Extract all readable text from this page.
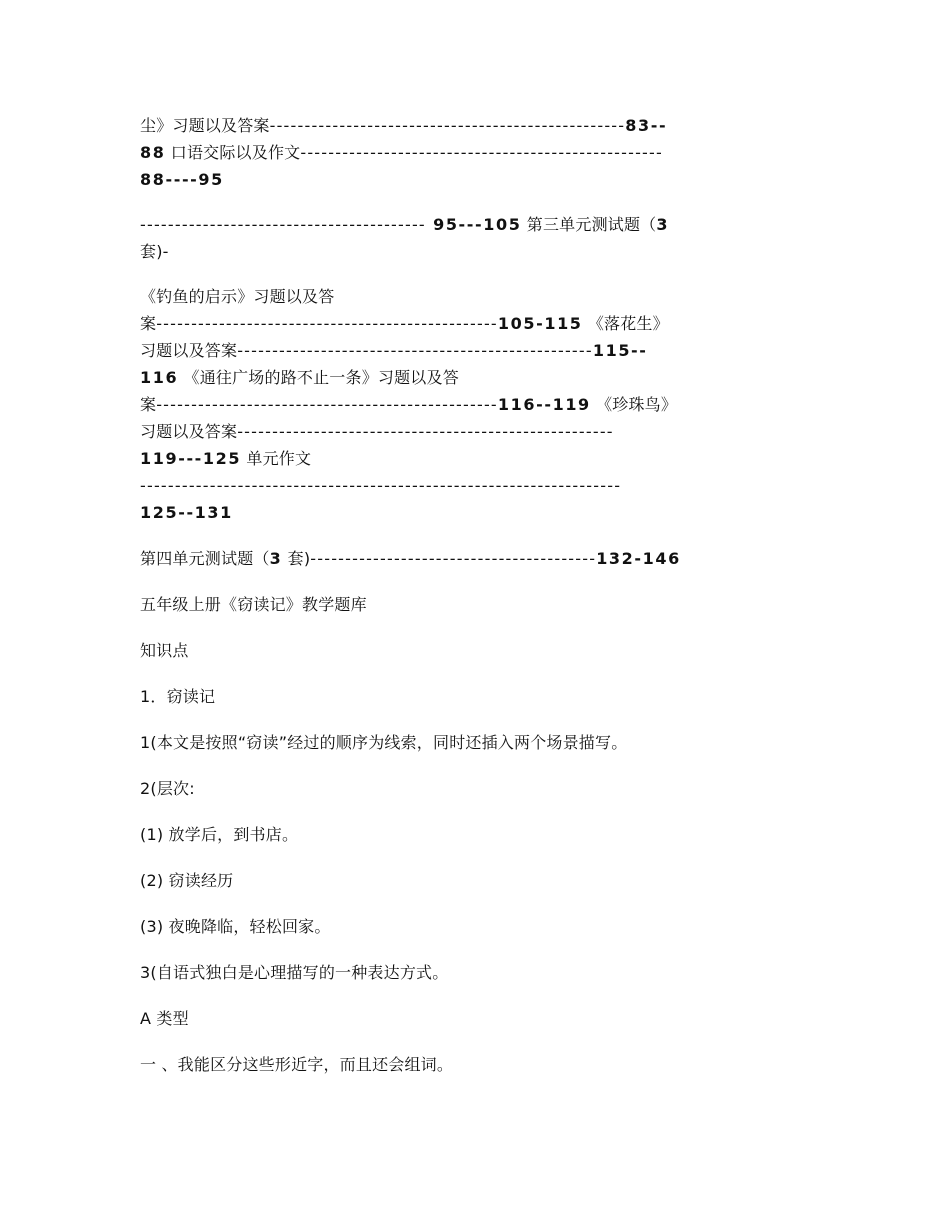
尘》习题以及答案---------------------------------------------------83--
88 口语交际以及作文----------------------------------------------------
88----95
----------------------------------------- 95---105 第三单元测试题（3
套)-
《钓鱼的启示》习题以及答
案-------------------------------------------------105-115 《落花生》
习题以及答案---------------------------------------------------115--
116 《通往广场的路不止一条》习题以及答
案-------------------------------------------------116--119 《珍珠鸟》
习题以及答案------------------------------------------------------
119---125 单元作文
---------------------------------------------------------------------
125--131
第四单元测试题（3 套)-----------------------------------------132-146
五年级上册《窃读记》教学题库
知识点
1．窃读记
1(本文是按照“窃读”经过的顺序为线索，同时还插入两个场景描写。
2(层次:
(1) 放学后，到书店。
(2) 窃读经历
(3) 夜晚降临，轻松回家。
3(自语式独白是心理描写的一种表达方式。
A 类型
一 、我能区分这些形近字，而且还会组词。
